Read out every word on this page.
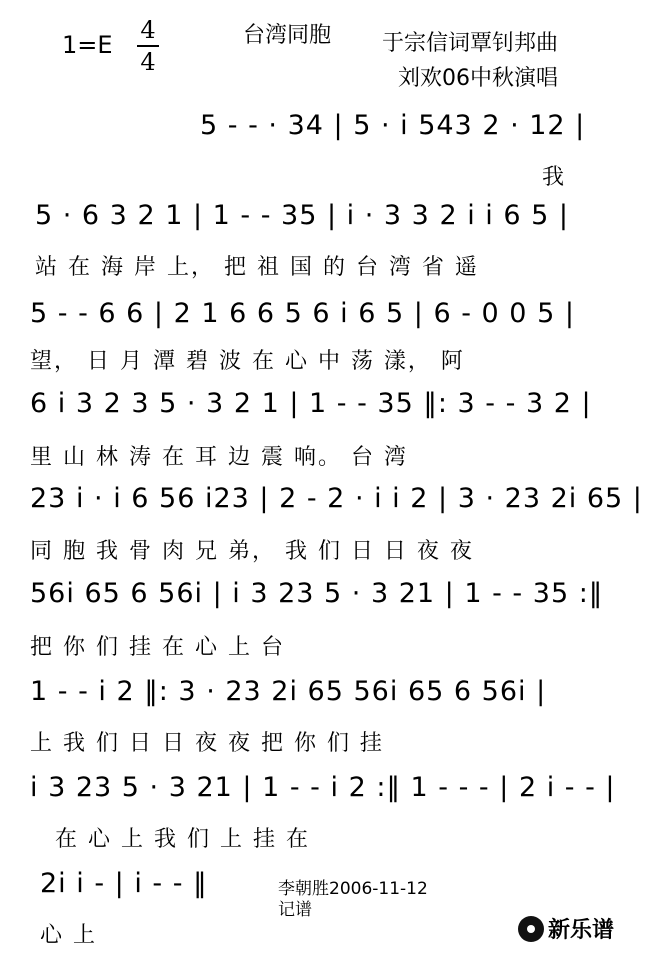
1=E
4
4
台湾同胞 于宗信词覃钊邦曲
刘欢06中秋演唱
5 - - · 34 | 5 · i 543 2 · 12 |
我
5 · 6 3 2 1 | 1 - - 35 | i · 3 3 2 i i 6 5 |
站 在 海 岸 上， 把 祖 国 的 台 湾 省 遥
5 - - 6 6 | 2 1 6 6 5 6 i 6 5 | 6 - 0 0 5 |
望， 日 月 潭 碧 波 在 心 中 荡 漾， 阿
6 i 3 2 3 5 · 3 2 1 | 1 - - 35 ‖: 3 - - 3 2 |
里 山 林 涛 在 耳 边 震 响。 台 湾
23 i · i 6 56 i23 | 2 - 2 · i i 2 | 3 · 23 2i 65 |
同 胞 我 骨 肉 兄 弟， 我 们 日 日 夜 夜
56i 65 6 56i | i 3 23 5 · 3 21 | 1 - - 35 :‖
把 你 们 挂 在 心 上 台
1 - - i 2 ‖: 3 · 23 2i 65 56i 65 6 56i |
上 我 们 日 日 夜 夜 把 你 们 挂
i 3 23 5 · 3 21 | 1 - - i 2 :‖ 1 - - - | 2 i - - |
在 心 上 我 们 上 挂 在
2i i - | i - - ‖
心 上
李朝胜2006-11-12
记谱
新乐谱
